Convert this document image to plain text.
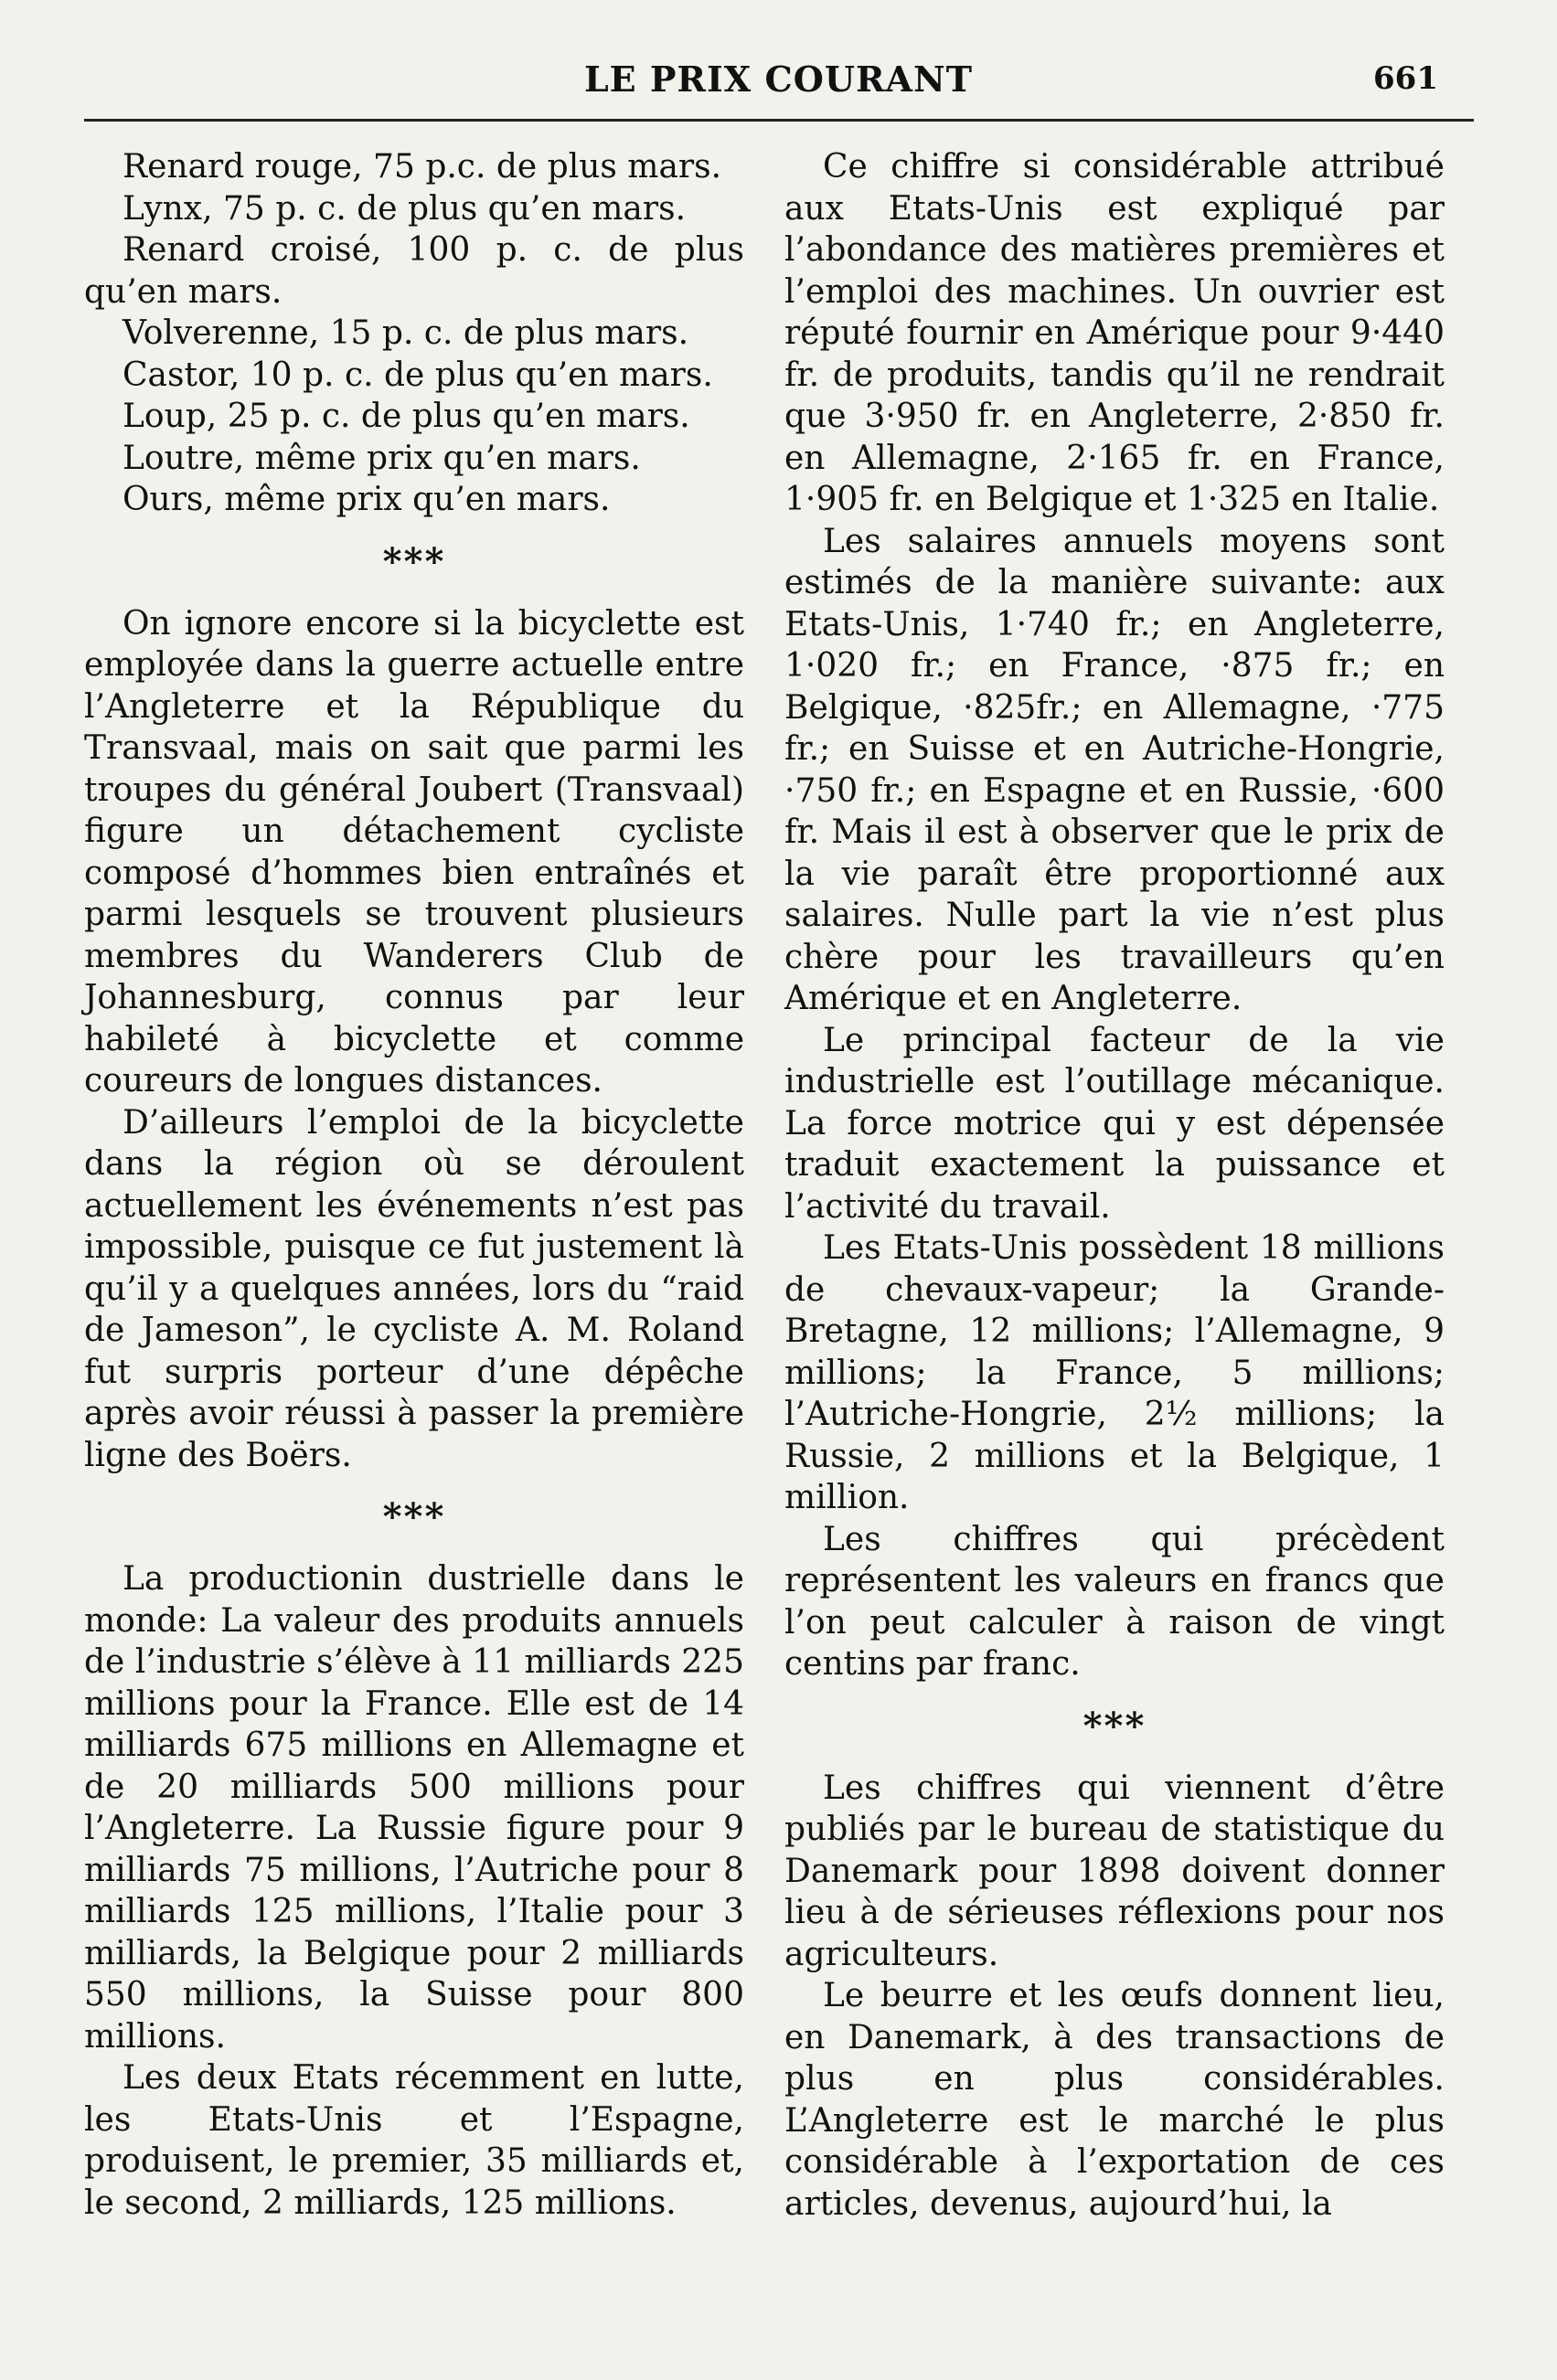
LE PRIX COURANT	661

Renard rouge, 75 p.c. de plus mars.

Lynx, 75 p. c. de plus qu’en mars.

Renard croisé, 100 p. c. de plus qu’en mars.

Volverenne, 15 p. c. de plus mars.

Castor, 10 p. c. de plus qu’en mars.

Loup, 25 p. c. de plus qu’en mars.

Loutre, même prix qu’en mars.

Ours, même prix qu’en mars.

***

On ignore encore si la bicyclette est employée dans la guerre actuelle entre l’Angleterre et la République du Transvaal, mais on sait que parmi les troupes du général Joubert (Transvaal) figure un détachement cycliste composé d’hommes bien entraînés et parmi lesquels se trouvent plusieurs membres du Wanderers Club de Johannesburg, connus par leur habileté à bicyclette et comme coureurs de longues distances.

D’ailleurs l’emploi de la bicyclette dans la région où se déroulent actuellement les événements n’est pas impossible, puisque ce fut justement là qu’il y a quelques années, lors du “raid de Jameson”, le cycliste A. M. Roland fut surpris porteur d’une dépêche après avoir réussi à passer la première ligne des Boërs.

***

La productionin dustrielle dans le monde: La valeur des produits annuels de l’industrie s’élève à 11 milliards 225 millions pour la France. Elle est de 14 milliards 675 millions en Allemagne et de 20 milliards 500 millions pour l’Angleterre. La Russie figure pour 9 milliards 75 millions, l’Autriche pour 8 milliards 125 millions, l’Italie pour 3 milliards, la Belgique pour 2 milliards 550 millions, la Suisse pour 800 millions.

Les deux Etats récemment en lutte, les Etats-Unis et l’Espagne, produisent, le premier, 35 milliards et, le second, 2 milliards, 125 millions.

Ce chiffre si considérable attribué aux Etats-Unis est expliqué par l’abondance des matières premières et l’emploi des machines. Un ouvrier est réputé fournir en Amérique pour 9·440 fr. de produits, tandis qu’il ne rendrait que 3·950 fr. en Angleterre, 2·850 fr. en Allemagne, 2·165 fr. en France, 1·905 fr. en Belgique et 1·325 en Italie.

Les salaires annuels moyens sont estimés de la manière suivante: aux Etats-Unis, 1·740 fr.; en Angleterre, 1·020 fr.; en France, ·875 fr.; en Belgique, ·825fr.; en Allemagne, ·775 fr.; en Suisse et en Autriche-Hongrie, ·750 fr.; en Espagne et en Russie, ·600 fr. Mais il est à observer que le prix de la vie paraît être proportionné aux salaires. Nulle part la vie n’est plus chère pour les travailleurs qu’en Amérique et en Angleterre.

Le principal facteur de la vie industrielle est l’outillage mécanique. La force motrice qui y est dépensée traduit exactement la puissance et l’activité du travail.

Les Etats-Unis possèdent 18 millions de chevaux-vapeur; la Grande-Bretagne, 12 millions; l’Allemagne, 9 millions; la France, 5 millions; l’Autriche-Hongrie, 2½ millions; la Russie, 2 millions et la Belgique, 1 million.

Les chiffres qui précèdent représentent les valeurs en francs que l’on peut calculer à raison de vingt centins par franc.

***

Les chiffres qui viennent d’être publiés par le bureau de statistique du Danemark pour 1898 doivent donner lieu à de sérieuses réflexions pour nos agriculteurs.

Le beurre et les œufs donnent lieu, en Danemark, à des transactions de plus en plus considérables. L’Angleterre est le marché le plus considérable à l’exportation de ces articles, devenus, aujourd’hui, la
